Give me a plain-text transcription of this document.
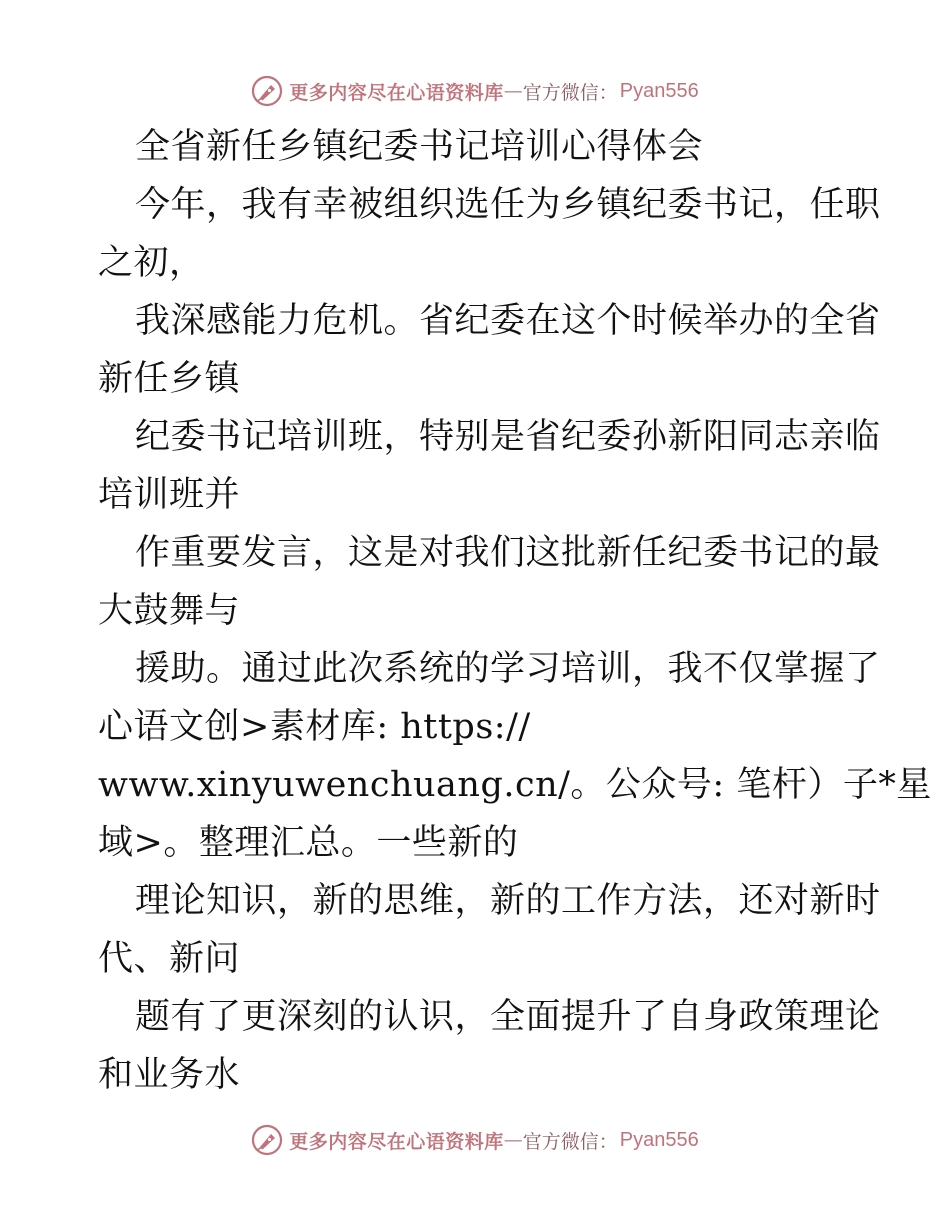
更多内容尽在心语资料库 — 官方微信： Pyan556
全省新任乡镇纪委书记培训心得体会
今年，我有幸被组织选任为乡镇纪委书记，任职
之初，
我深感能力危机。省纪委在这个时候举办的全省
新任乡镇
纪委书记培训班，特别是省纪委孙新阳同志亲临
培训班并
作重要发言，这是对我们这批新任纪委书记的最
大鼓舞与
援助。通过此次系统的学习培训，我不仅掌握了
心语文创>素材库: https://
www.xinyuwenchuang.cn/。公众号: 笔杆）子*星
域>。整理汇总。一些新的
理论知识，新的思维，新的工作方法，还对新时
代、新问
题有了更深刻的认识，全面提升了自身政策理论
和业务水
更多内容尽在心语资料库 — 官方微信： Pyan556
